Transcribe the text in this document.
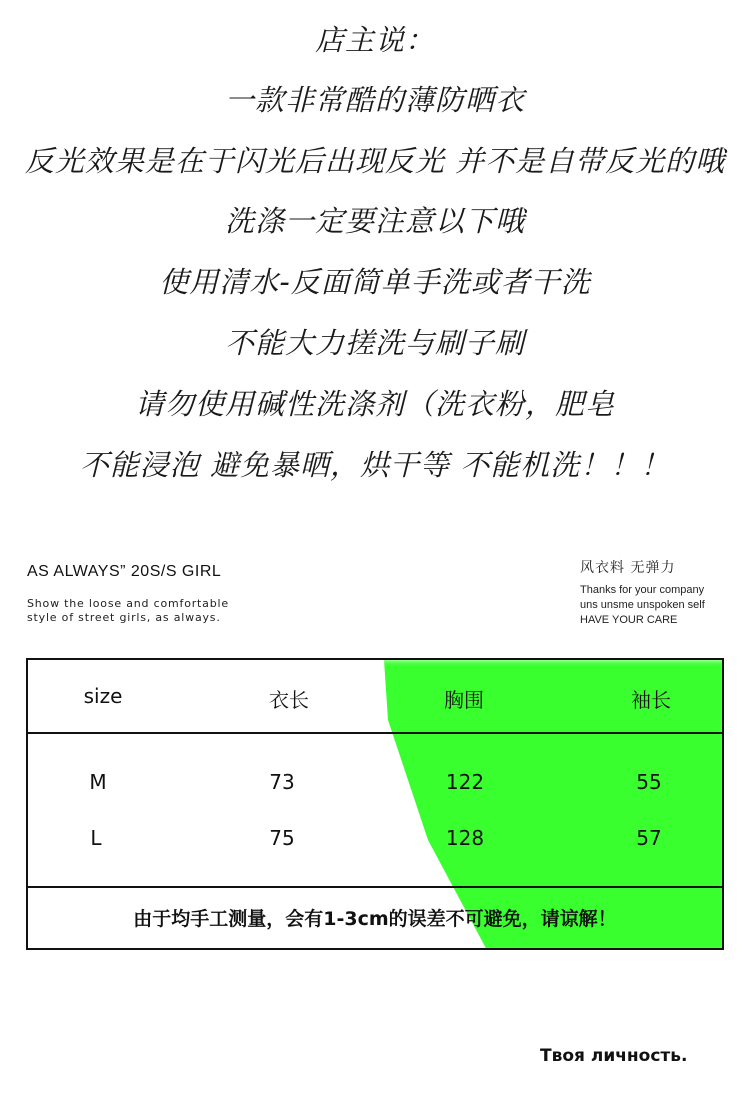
店主说：
一款非常酷的薄防晒衣
反光效果是在于闪光后出现反光 并不是自带反光的哦
洗涤一定要注意以下哦
使用清水-反面简单手洗或者干洗
不能大力搓洗与刷子刷
请勿使用碱性洗涤剂（洗衣粉，肥皂
不能浸泡 避免暴晒，烘干等 不能机洗！！！
AS ALWAYS” 20S/S GIRL
Show the loose and comfortable
style of street girls, as always.
风衣料 无弹力
Thanks for your company
uns unsme unspoken self
HAVE YOUR CARE
size	衣长	胸围	袖长
M	73	122	55
L	75	128	57
由于均手工测量，会有1-3cm的误差不可避免，请谅解！
Твоя личность.
